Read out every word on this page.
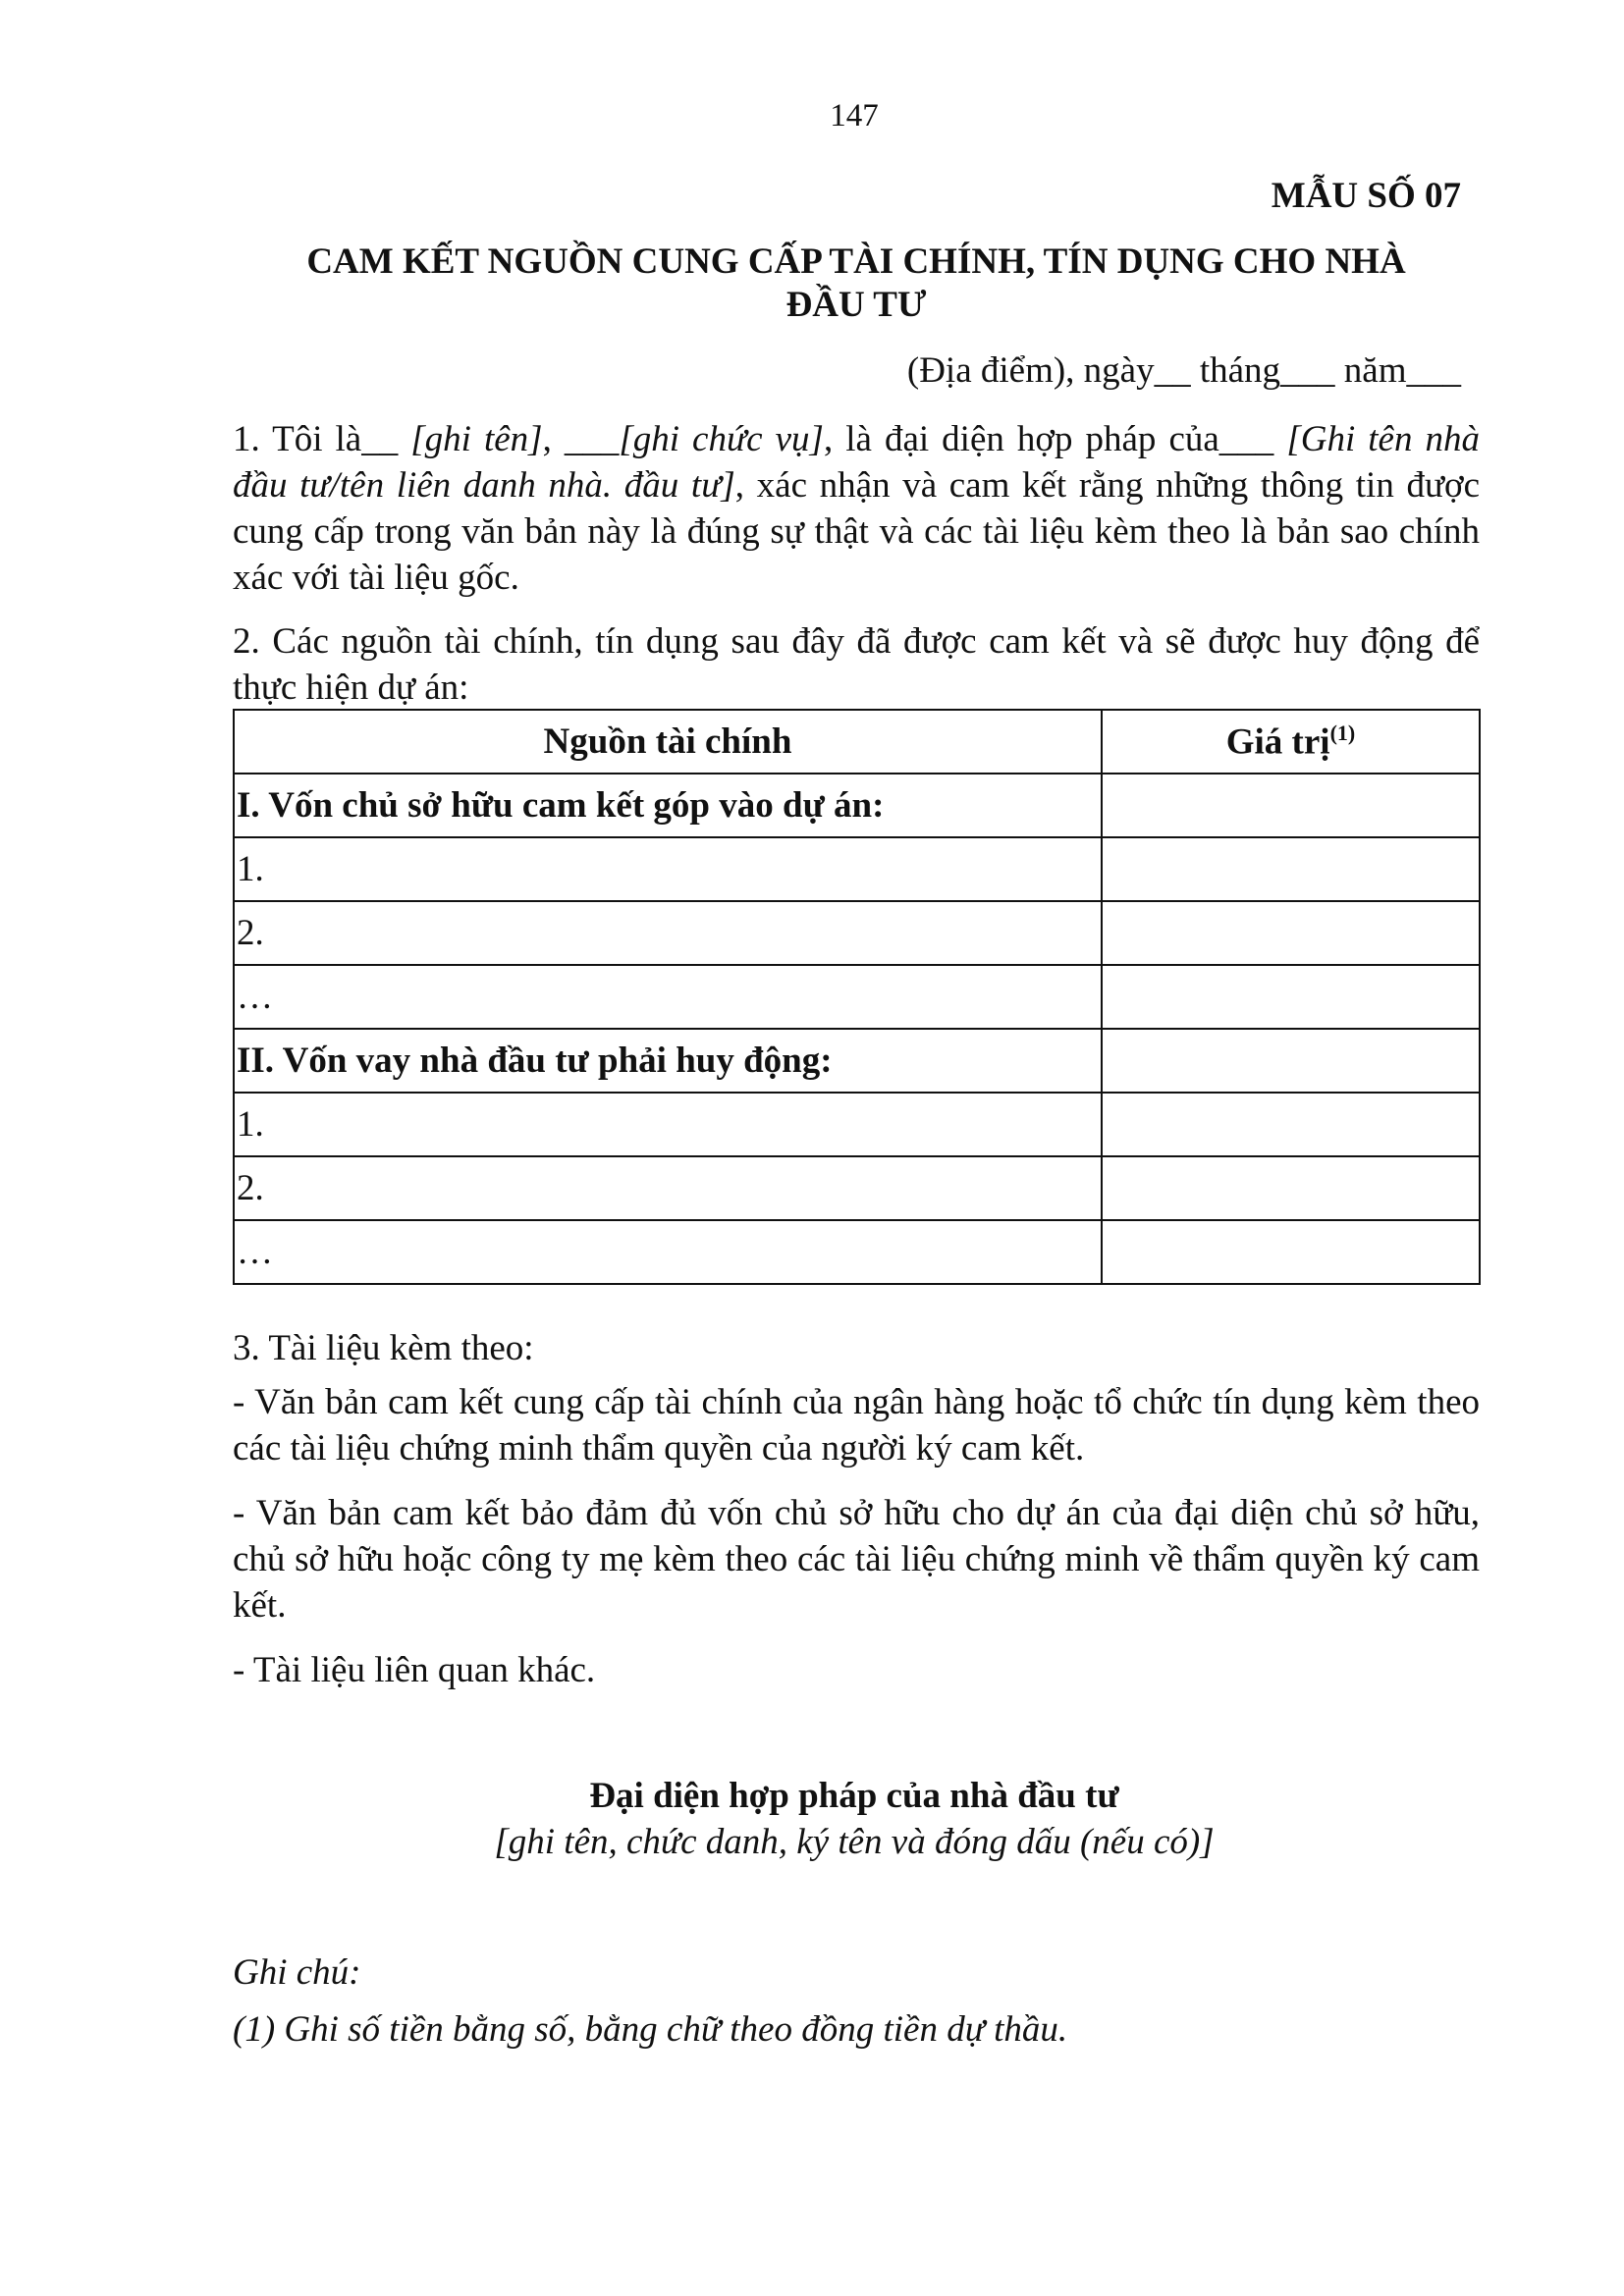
147
MẪU SỐ 07
CAM KẾT NGUỒN CUNG CẤP TÀI CHÍNH, TÍN DỤNG CHO NHÀ
ĐẦU TƯ
(Địa điểm), ngày__ tháng___ năm___
1. Tôi là__ [ghi tên], ___[ghi chức vụ], là đại diện hợp pháp của___ [Ghi tên nhà đầu tư/tên liên danh nhà. đầu tư], xác nhận và cam kết rằng những thông tin được cung cấp trong văn bản này là đúng sự thật và các tài liệu kèm theo là bản sao chính xác với tài liệu gốc.
2. Các nguồn tài chính, tín dụng sau đây đã được cam kết và sẽ được huy động để thực hiện dự án:
Nguồn tài chính	Giá trị$^{(1)}$
I. Vốn chủ sở hữu cam kết góp vào dự án:	
1.	
2.	
…	
II. Vốn vay nhà đầu tư phải huy động:	
1.	
2.	
…	
3. Tài liệu kèm theo:
- Văn bản cam kết cung cấp tài chính của ngân hàng hoặc tổ chức tín dụng kèm theo các tài liệu chứng minh thẩm quyền của người ký cam kết.
- Văn bản cam kết bảo đảm đủ vốn chủ sở hữu cho dự án của đại diện chủ sở hữu, chủ sở hữu hoặc công ty mẹ kèm theo các tài liệu chứng minh về thẩm quyền ký cam kết.
- Tài liệu liên quan khác.
Đại diện hợp pháp của nhà đầu tư
[ghi tên, chức danh, ký tên và đóng dấu (nếu có)]
Ghi chú:
(1) Ghi số tiền bằng số, bằng chữ theo đồng tiền dự thầu.
